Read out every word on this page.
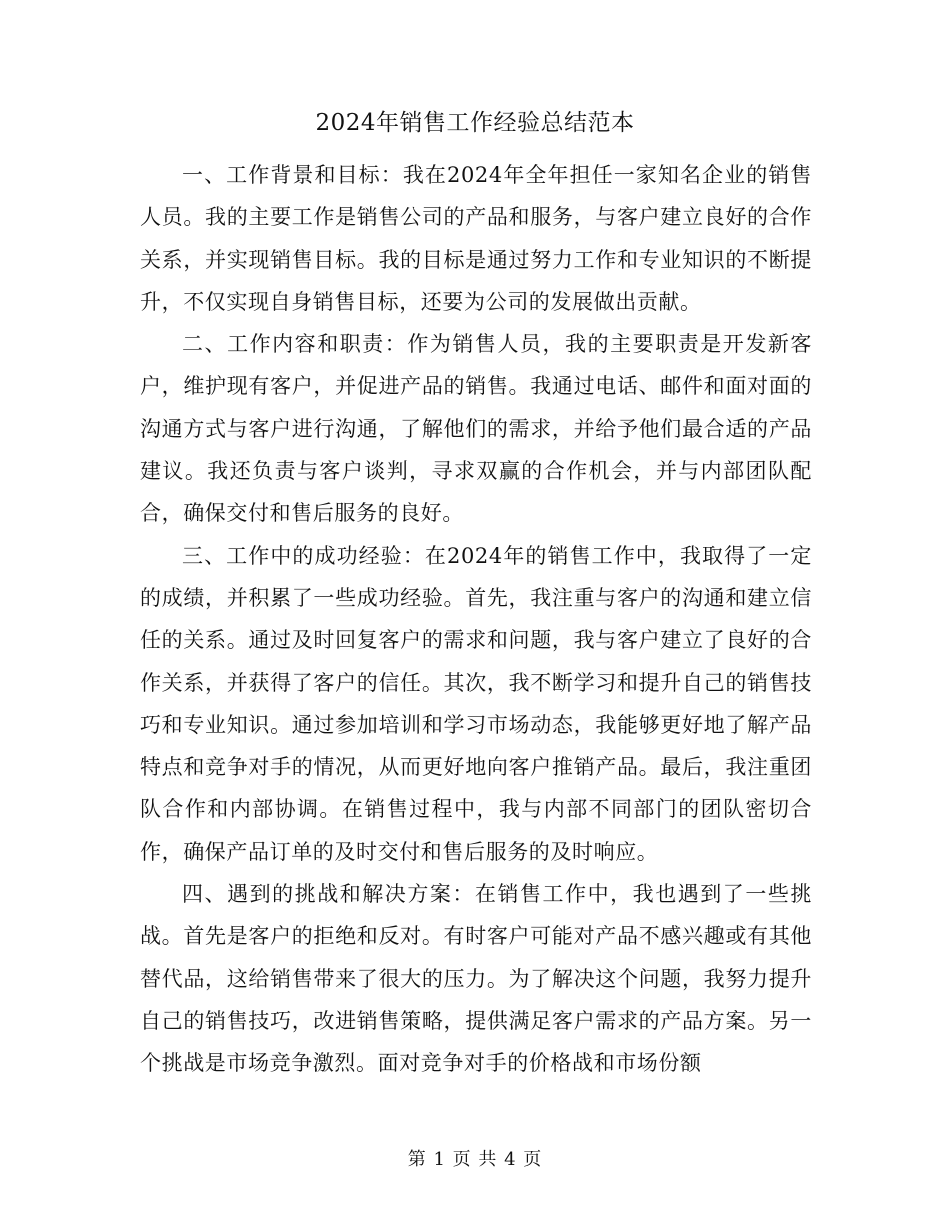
2024年销售工作经验总结范本

一、工作背景和目标：我在2024年全年担任一家知名企业的销售人员。我的主要工作是销售公司的产品和服务，与客户建立良好的合作关系，并实现销售目标。我的目标是通过努力工作和专业知识的不断提升，不仅实现自身销售目标，还要为公司的发展做出贡献。

二、工作内容和职责：作为销售人员，我的主要职责是开发新客户，维护现有客户，并促进产品的销售。我通过电话、邮件和面对面的沟通方式与客户进行沟通，了解他们的需求，并给予他们最合适的产品建议。我还负责与客户谈判，寻求双赢的合作机会，并与内部团队配合，确保交付和售后服务的良好。

三、工作中的成功经验：在2024年的销售工作中，我取得了一定的成绩，并积累了一些成功经验。首先，我注重与客户的沟通和建立信任的关系。通过及时回复客户的需求和问题，我与客户建立了良好的合作关系，并获得了客户的信任。其次，我不断学习和提升自己的销售技巧和专业知识。通过参加培训和学习市场动态，我能够更好地了解产品特点和竞争对手的情况，从而更好地向客户推销产品。最后，我注重团队合作和内部协调。在销售过程中，我与内部不同部门的团队密切合作，确保产品订单的及时交付和售后服务的及时响应。

四、遇到的挑战和解决方案：在销售工作中，我也遇到了一些挑战。首先是客户的拒绝和反对。有时客户可能对产品不感兴趣或有其他替代品，这给销售带来了很大的压力。为了解决这个问题，我努力提升自己的销售技巧，改进销售策略，提供满足客户需求的产品方案。另一个挑战是市场竞争激烈。面对竞争对手的价格战和市场份额

第 1 页 共 4 页
